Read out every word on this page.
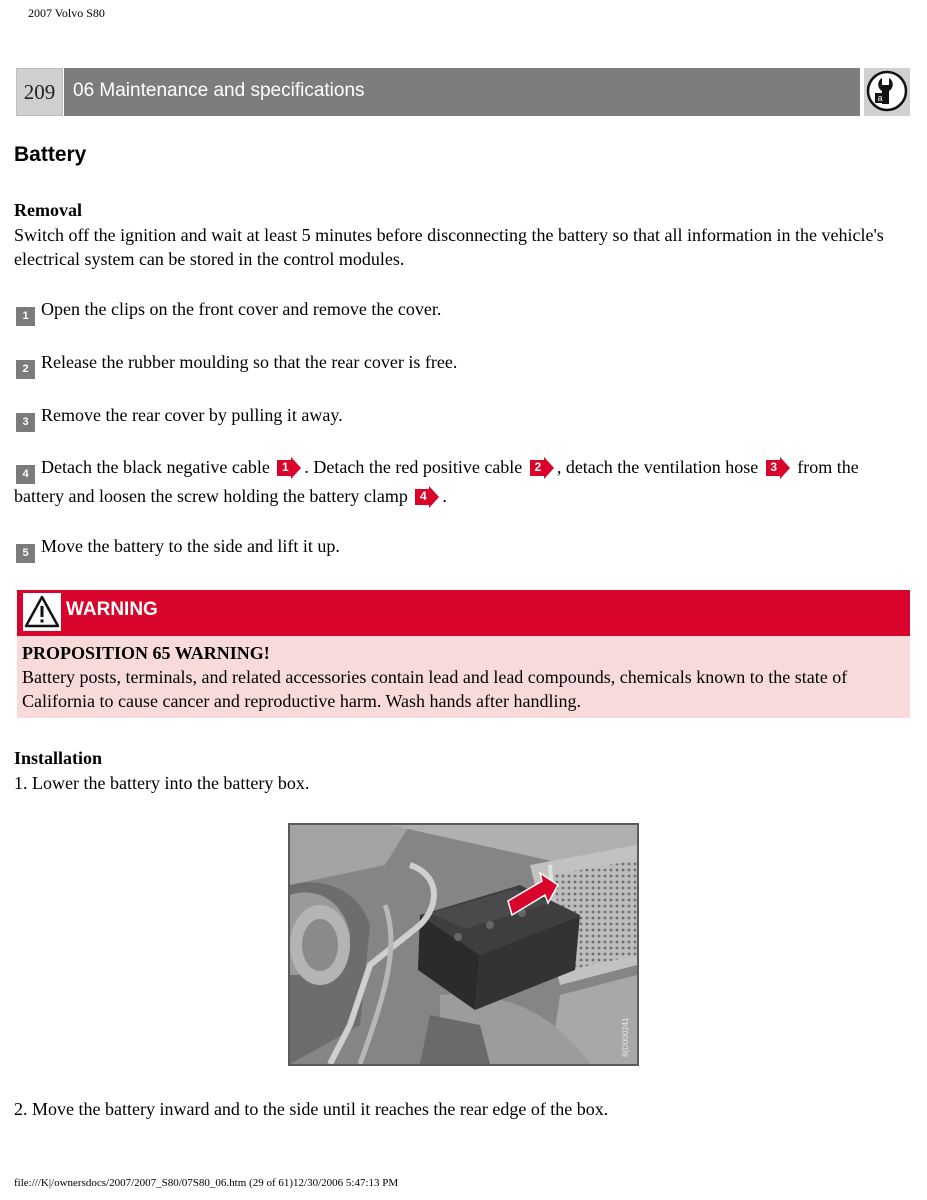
2007 Volvo S80
209 06 Maintenance and specifications	a
Battery
Removal
Switch off the ignition and wait at least 5 minutes before disconnecting the battery so that all information in the vehicle's electrical system can be stored in the control modules.
1 Open the clips on the front cover and remove the cover.
2 Release the rubber moulding so that the rear cover is free.
3 Remove the rear cover by pulling it away.
4 Detach the black negative cable 1 . Detach the red positive cable 2 , detach the ventilation hose 3 from the battery and loosen the screw holding the battery clamp 4 .
5 Move the battery to the side and lift it up.
WARNING
PROPOSITION 65 WARNING!
Battery posts, terminals, and related accessories contain lead and lead compounds, chemicals known to the state of California to cause cancer and reproductive harm. Wash hands after handling.
Installation
1. Lower the battery into the battery box.
8(D000241
2. Move the battery inward and to the side until it reaches the rear edge of the box.
file:///K|/ownersdocs/2007/2007_S80/07S80_06.htm (29 of 61)12/30/2006 5:47:13 PM
